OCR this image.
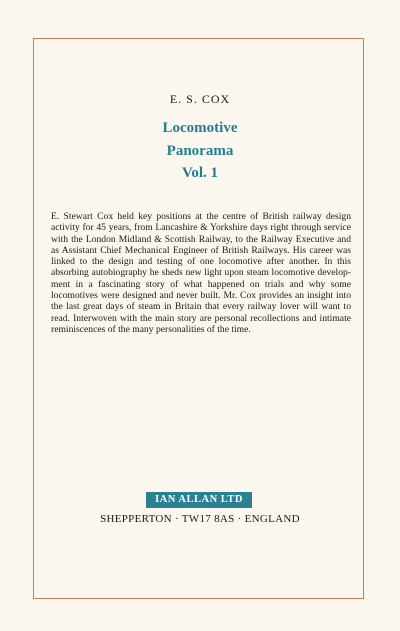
E. S. COX
Locomotive
Panorama
Vol. 1

E. Stewart Cox held key positions at the centre of British railway design activity for 45 years, from Lancashire & Yorkshire days right through service with the London Midland & Scottish Railway, to the Railway Executive and as Assistant Chief Mechanical Engineer of British Railways. His career was linked to the design and testing of one locomotive after another. In this absorbing autobiography he sheds new light upon steam locomotive development in a fascinating story of what happened on trials and why some locomotives were designed and never built. Mr. Cox provides an insight into the last great days of steam in Britain that every railway lover will want to read. Interwoven with the main story are personal recollections and intimate reminiscences of the many personalities of the time.

IAN ALLAN LTD
SHEPPERTON · TW17 8AS · ENGLAND
